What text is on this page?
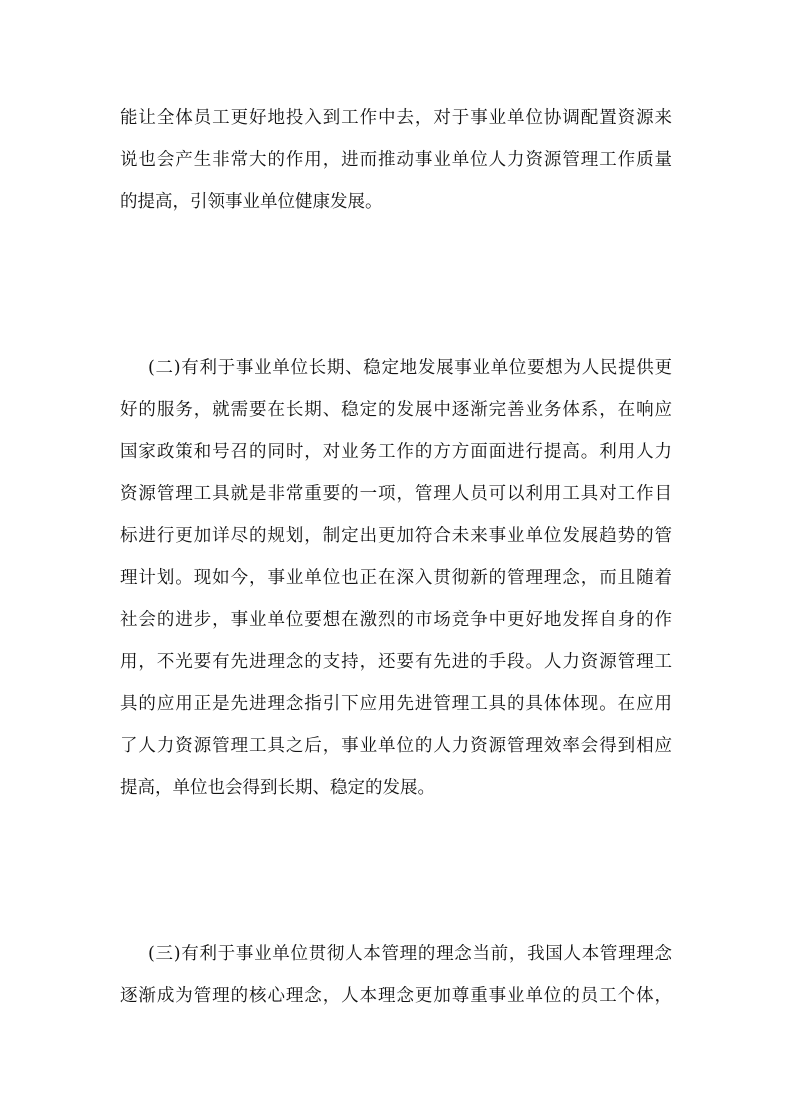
能让全体员工更好地投入到工作中去，对于事业单位协调配置资源来
说也会产生非常大的作用，进而推动事业单位人力资源管理工作质量
的提高，引领事业单位健康发展。
(二)有利于事业单位长期、稳定地发展事业单位要想为人民提供更
好的服务，就需要在长期、稳定的发展中逐渐完善业务体系，在响应
国家政策和号召的同时，对业务工作的方方面面进行提高。利用人力
资源管理工具就是非常重要的一项，管理人员可以利用工具对工作目
标进行更加详尽的规划，制定出更加符合未来事业单位发展趋势的管
理计划。现如今，事业单位也正在深入贯彻新的管理理念，而且随着
社会的进步，事业单位要想在激烈的市场竞争中更好地发挥自身的作
用，不光要有先进理念的支持，还要有先进的手段。人力资源管理工
具的应用正是先进理念指引下应用先进管理工具的具体体现。在应用
了人力资源管理工具之后，事业单位的人力资源管理效率会得到相应
提高，单位也会得到长期、稳定的发展。
(三)有利于事业单位贯彻人本管理的理念当前，我国人本管理理念
逐渐成为管理的核心理念，人本理念更加尊重事业单位的员工个体，
